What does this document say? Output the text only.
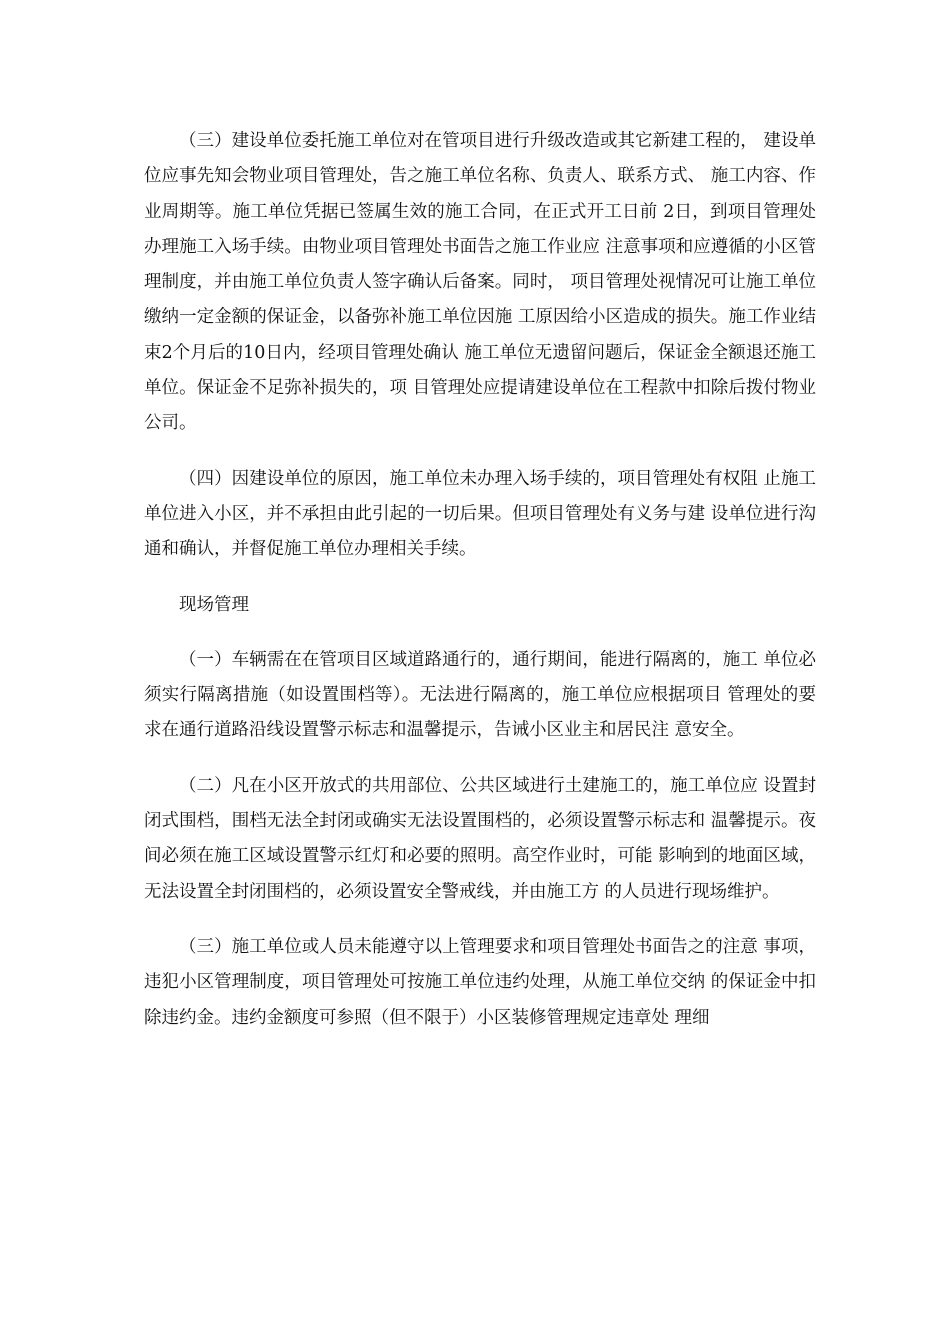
（三）建设单位委托施工单位对在管项目进行升级改造或其它新建工程的， 建设单位应事先知会物业项目管理处，告之施工单位名称、负责人、联系方式、 施工内容、作业周期等。施工单位凭据已签属生效的施工合同，在正式开工日前 2日，到项目管理处办理施工入场手续。由物业项目管理处书面告之施工作业应 注意事项和应遵循的小区管理制度，并由施工单位负责人签字确认后备案。同时， 项目管理处视情况可让施工单位缴纳一定金额的保证金，以备弥补施工单位因施 工原因给小区造成的损失。施工作业结束2个月后的10日内，经项目管理处确认 施工单位无遗留问题后，保证金全额退还施工单位。保证金不足弥补损失的，项 目管理处应提请建设单位在工程款中扣除后拨付物业公司。

（四）因建设单位的原因，施工单位未办理入场手续的，项目管理处有权阻 止施工单位进入小区，并不承担由此引起的一切后果。但项目管理处有义务与建 设单位进行沟通和确认，并督促施工单位办理相关手续。

现场管理

（一）车辆需在在管项目区域道路通行的，通行期间，能进行隔离的，施工 单位必须实行隔离措施（如设置围档等）。无法进行隔离的，施工单位应根据项目 管理处的要求在通行道路沿线设置警示标志和温馨提示，告诫小区业主和居民注 意安全。

（二）凡在小区开放式的共用部位、公共区域进行土建施工的，施工单位应 设置封闭式围档，围档无法全封闭或确实无法设置围档的，必须设置警示标志和 温馨提示。夜间必须在施工区域设置警示红灯和必要的照明。高空作业时，可能 影响到的地面区域，无法设置全封闭围档的，必须设置安全警戒线，并由施工方 的人员进行现场维护。

（三）施工单位或人员未能遵守以上管理要求和项目管理处书面告之的注意 事项，违犯小区管理制度，项目管理处可按施工单位违约处理，从施工单位交纳 的保证金中扣除违约金。违约金额度可参照（但不限于）小区装修管理规定违章处 理细
